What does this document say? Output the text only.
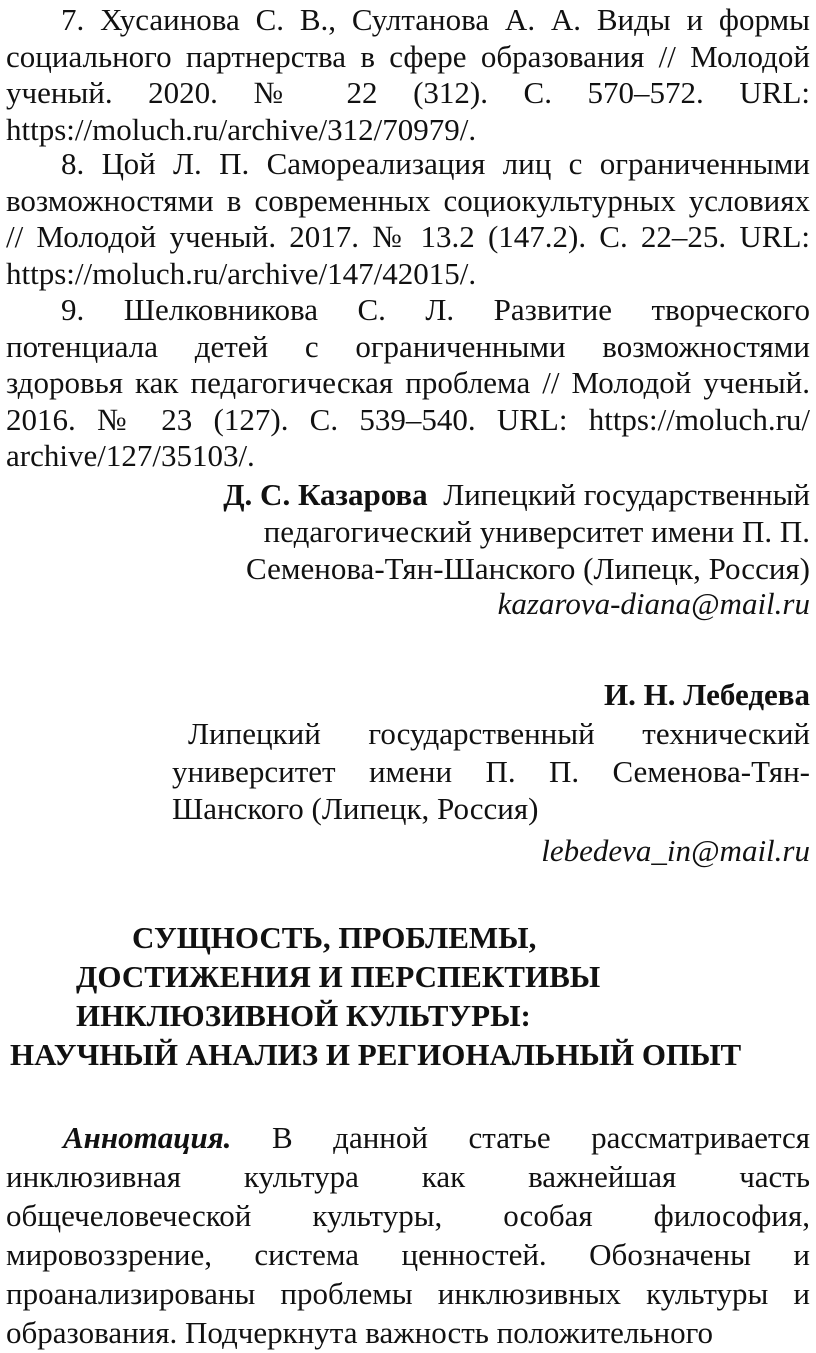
7. Хусаинова С. В., Султанова А. А. Виды и формы социального партнерства в сфере образования // Молодой ученый. 2020. № 22 (312). С. 570–572. URL: https://moluch.ru/archive/312/70979/.

8. Цой Л. П. Самореализация лиц с ограниченными возможностями в современных социокультурных условиях // Молодой ученый. 2017. № 13.2 (147.2). С. 22–25. URL: https://moluch.ru/archive/147/42015/.

9. Шелковникова С. Л. Развитие творческого потенциала детей с ограниченными возможностями здоровья как педагогическая проблема // Молодой ученый. 2016. № 23 (127). С. 539–540. URL: https://moluch.ru/ archive/127/35103/.

Д. С. Казарова Липецкий государственный педагогический университет имени П. П. Семенова-Тян-Шанского (Липецк, Россия)

kazarova-diana@mail.ru

И. Н. Лебедева

Липецкий государственный технический университет имени П. П. Семенова-Тян-Шанского (Липецк, Россия)

lebedeva_in@mail.ru

СУЩНОСТЬ, ПРОБЛЕМЫ,
ДОСТИЖЕНИЯ И ПЕРСПЕКТИВЫ
ИНКЛЮЗИВНОЙ КУЛЬТУРЫ:
НАУЧНЫЙ АНАЛИЗ И РЕГИОНАЛЬНЫЙ ОПЫТ

Аннотация. В данной статье рассматривается инклюзивная культура как важнейшая часть общечеловеческой культуры, особая философия, мировоззрение, система ценностей. Обозначены и проанализированы проблемы инклюзивных культуры и образования. Подчеркнута важность положительного
